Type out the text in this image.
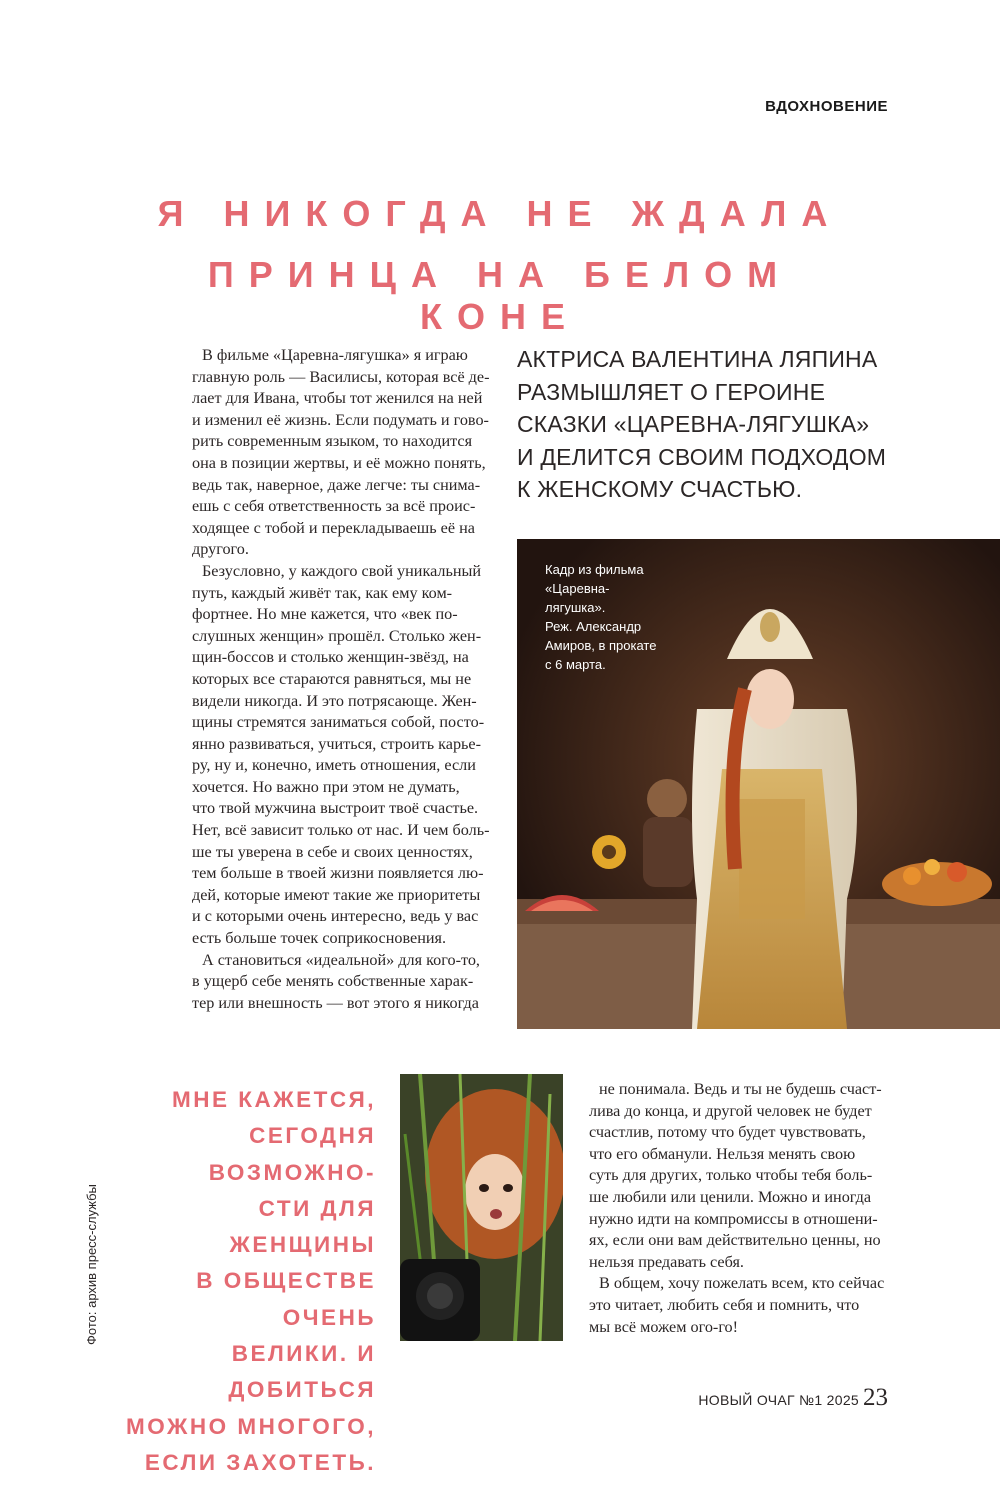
ВДОХНОВЕНИЕ
Я НИКОГДА НЕ ЖДАЛА
ПРИНЦА НА БЕЛОМ КОНЕ

В фильме «Царевна-лягушка» я играю
главную роль — Василисы, которая всё де-
лает для Ивана, чтобы тот женился на ней
и изменил её жизнь. Если подумать и гово-
рить современным языком, то находится
она в позиции жертвы, и её можно понять,
ведь так, наверное, даже легче: ты снима-
ешь с себя ответственность за всё проис-
ходящее с тобой и перекладываешь её на
другого.

Безусловно, у каждого свой уникальный
путь, каждый живёт так, как ему ком-
фортнее. Но мне кажется, что «век по-
слушных женщин» прошёл. Столько жен-
щин-боссов и столько женщин-звёзд, на
которых все стараются равняться, мы не
видели никогда. И это потрясающе. Жен-
щины стремятся заниматься собой, посто-
янно развиваться, учиться, строить карье-
ру, ну и, конечно, иметь отношения, если
хочется. Но важно при этом не думать,
что твой мужчина выстроит твоё счастье.
Нет, всё зависит только от нас. И чем боль-
ше ты уверена в себе и своих ценностях,
тем больше в твоей жизни появляется лю-
дей, которые имеют такие же приоритеты
и с которыми очень интересно, ведь у вас
есть больше точек соприкосновения.

А становиться «идеальной» для кого-то,
в ущерб себе менять собственные харак-
тер или внешность — вот этого я никогда

АКТРИСА ВАЛЕНТИНА ЛЯПИНА
РАЗМЫШЛЯЕТ О ГЕРОИНЕ
СКАЗКИ «ЦАРЕВНА-ЛЯГУШКА»
И ДЕЛИТСЯ СВОИМ ПОДХОДОМ
К ЖЕНСКОМУ СЧАСТЬЮ.
Кадр из фильма
«Царевна-
лягушка».
Реж. Александр
Амиров, в прокате
с 6 марта.
МНЕ КАЖЕТСЯ,
СЕГОДНЯ ВОЗМОЖНО-
СТИ ДЛЯ ЖЕНЩИНЫ
В ОБЩЕСТВЕ ОЧЕНЬ
ВЕЛИКИ. И ДОБИТЬСЯ
МОЖНО МНОГОГО,
ЕСЛИ ЗАХОТЕТЬ.

не понимала. Ведь и ты не будешь счаст-
лива до конца, и другой человек не будет
счастлив, потому что будет чувствовать,
что его обманули. Нельзя менять свою
суть для других, только чтобы тебя боль-
ше любили или ценили. Можно и иногда
нужно идти на компромиссы в отношени-
ях, если они вам действительно ценны, но
нельзя предавать себя.

В общем, хочу пожелать всем, кто сейчас
это читает, любить себя и помнить, что
мы всё можем ого-го!

Фото: архив пресс-службы
НОВЫЙ ОЧАГ №1 2025 23
